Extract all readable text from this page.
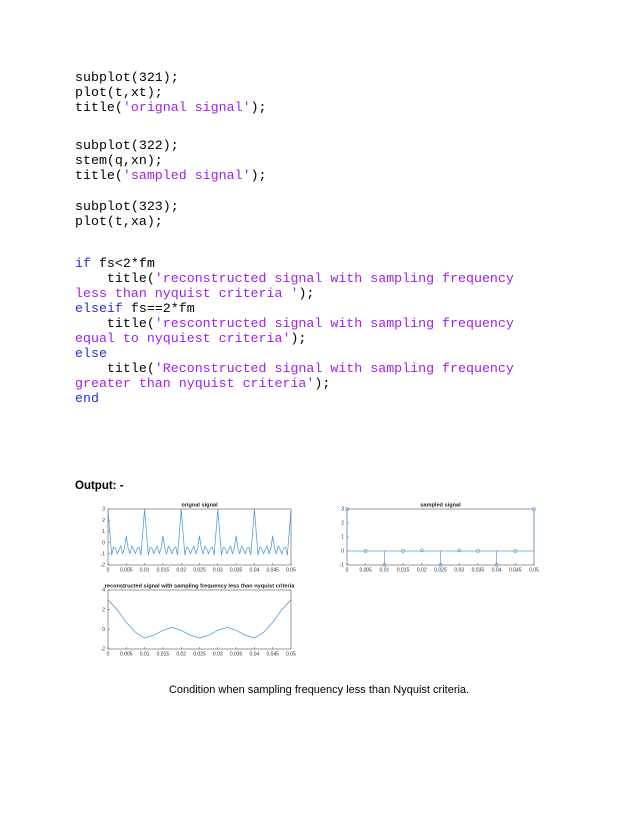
subplot(321);
plot(t,xt);
title('orignal signal');
subplot(322);
stem(q,xn);
title('sampled signal');
subplot(323);
plot(t,xa);
if fs<2*fm
title('reconstructed signal with sampling frequency
less than nyquist criteria ');
elseif fs==2*fm
title('rescontructed signal with sampling frequency
equal to nyquiest criteria');
else
title('Reconstructed signal with sampling frequency
greater than nyquist criteria');
end
Output: -
orignal signal
0 0.005 0.01 0.015 0.02 0.025 0.03 0.035 0.04 0.045 0.05
-2
-1
0
1
2
3
sampled signal
0 0.005 0.01 0.015 0.02 0.025 0.03 0.035 0.04 0.045 0.05
-1
0
1
2
3
reconstructed signal with sampling frequency less than nyquist criteria
0 0.005 0.01 0.015 0.02 0.025 0.03 0.035 0.04 0.045 0.05
-2
0
2
4
Condition when sampling frequency less than Nyquist criteria.
